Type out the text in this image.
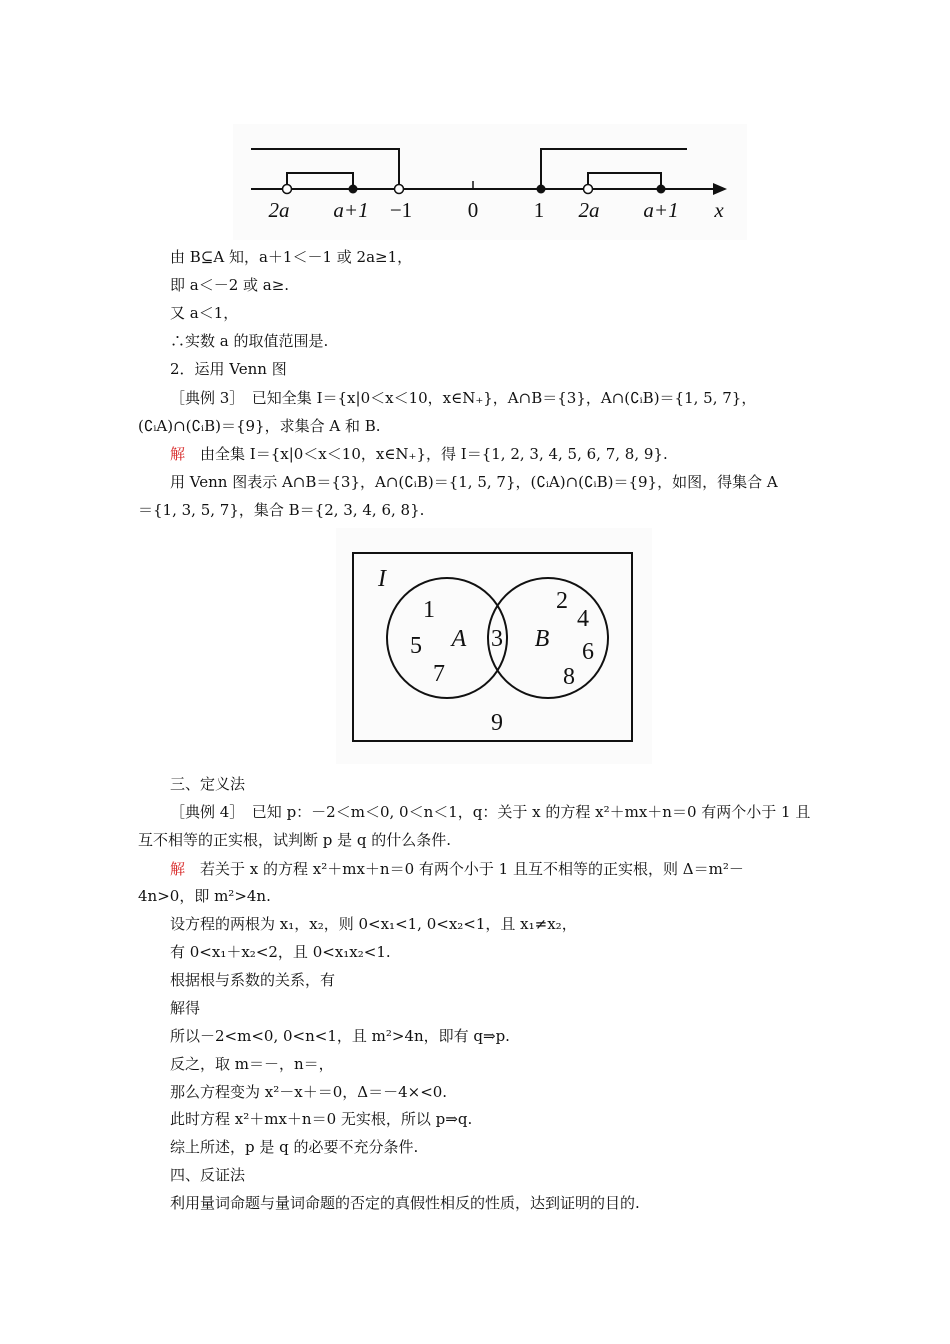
2a a+1 −1	0	1 2a a+1 x
由 B⊆A 知，a＋1＜－1 或 2a≥1，
即 a＜－2 或 a≥.
又 a＜1，
∴实数 a 的取值范围是.
2．运用 Venn 图
［典例 3］　已知全集 I＝{x|0＜x＜10，x∈N₊}，A∩B＝{3}，A∩(∁ᵢB)＝{1, 5, 7}，
(∁ᵢA)∩(∁ᵢB)＝{9}，求集合 A 和 B.
解　由全集 I＝{x|0＜x＜10，x∈N₊}，得 I＝{1, 2, 3, 4, 5, 6, 7, 8, 9}.
用 Venn 图表示 A∩B＝{3}，A∩(∁ᵢB)＝{1, 5, 7}，(∁ᵢA)∩(∁ᵢB)＝{9}，如图，得集合 A
＝{1, 3, 5, 7}，集合 B＝{2, 3, 4, 6, 8}.
I
A	B
1
5
7
3
2
4
6
8
9
三、定义法
［典例 4］　已知 p：－2＜m＜0, 0＜n＜1，q：关于 x 的方程 x²＋mx＋n＝0 有两个小于 1 且
互不相等的正实根，试判断 p 是 q 的什么条件.
解　若关于 x 的方程 x²＋mx＋n＝0 有两个小于 1 且互不相等的正实根，则 Δ＝m²－
4n>0，即 m²>4n.
设方程的两根为 x₁，x₂，则 0<x₁<1, 0<x₂<1，且 x₁≠x₂，
有 0<x₁＋x₂<2，且 0<x₁x₂<1.
根据根与系数的关系，有
解得
所以－2<m<0, 0<n<1，且 m²>4n，即有 q⇒p.
反之，取 m＝－，n＝，
那么方程变为 x²－x＋＝0，Δ＝－4×<0.
此时方程 x²＋mx＋n＝0 无实根，所以 p⇒q.
综上所述，p 是 q 的必要不充分条件.
四、反证法
利用量词命题与量词命题的否定的真假性相反的性质，达到证明的目的.
